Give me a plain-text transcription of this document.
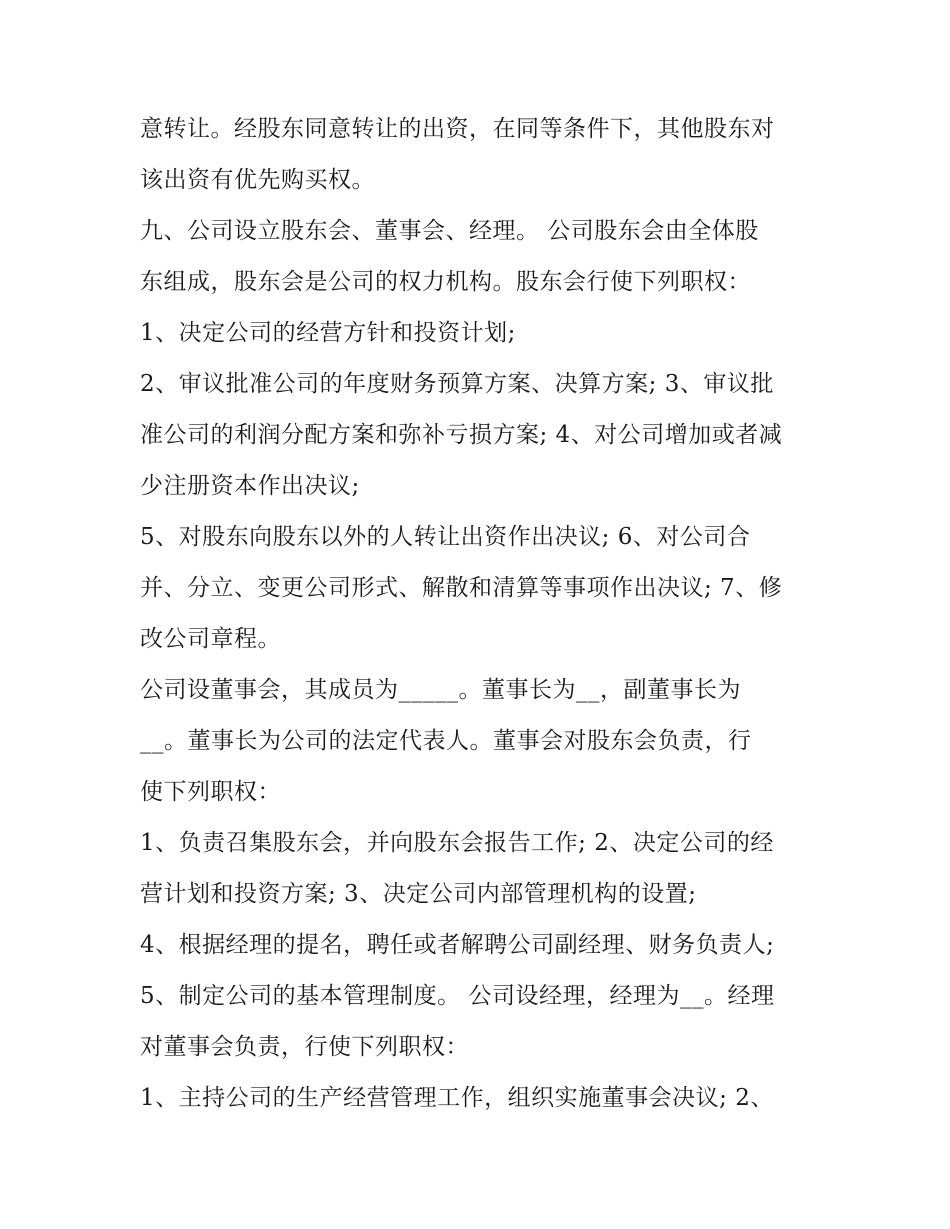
意转让。经股东同意转让的出资，在同等条件下，其他股东对
该出资有优先购买权。
九、公司设立股东会、董事会、经理。 公司股东会由全体股
东组成，股东会是公司的权力机构。股东会行使下列职权：
1、决定公司的经营方针和投资计划;
2、审议批准公司的年度财务预算方案、决算方案; 3、审议批
准公司的利润分配方案和弥补亏损方案; 4、对公司增加或者减
少注册资本作出决议;
5、对股东向股东以外的人转让出资作出决议; 6、对公司合
并、分立、变更公司形式、解散和清算等事项作出决议; 7、修
改公司章程。
公司设董事会，其成员为_____。董事长为__，副董事长为
__。董事长为公司的法定代表人。董事会对股东会负责，行
使下列职权：
1、负责召集股东会，并向股东会报告工作; 2、决定公司的经
营计划和投资方案; 3、决定公司内部管理机构的设置;
4、根据经理的提名，聘任或者解聘公司副经理、财务负责人;
5、制定公司的基本管理制度。 公司设经理，经理为__。经理
对董事会负责，行使下列职权：
1、主持公司的生产经营管理工作，组织实施董事会决议; 2、
